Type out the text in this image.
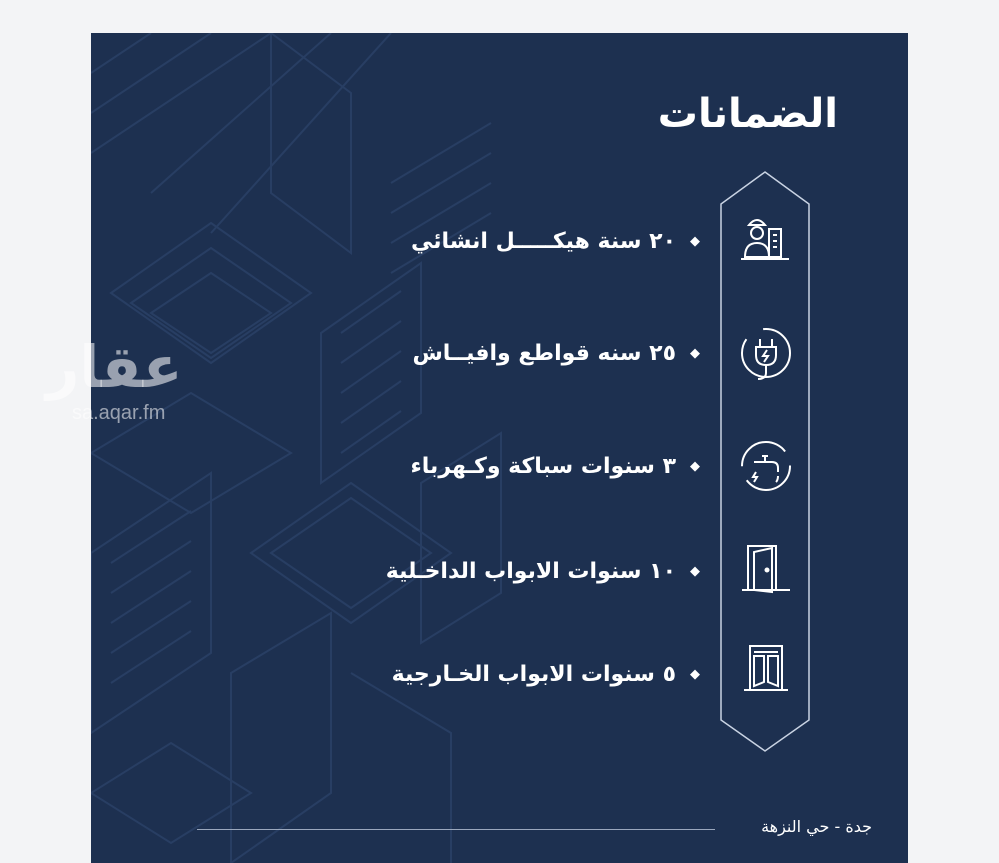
الضمانات
◆
٢٠ سنة هيكـــــل انشائي
◆
٢٥ سنه قواطع وافيــاش
◆
٣ سنوات سباكة وكـهرباء
◆
١٠ سنوات الابواب الداخـلية
◆
٥ سنوات الابواب الخـارجية
جدة - حي النزهة
عقار
sa.aqar.fm
